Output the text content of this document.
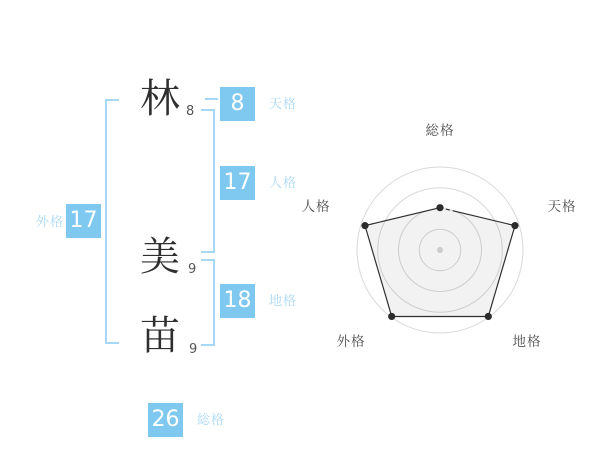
林 8
美 9
苗 9
8	天格
17 人格
18 地格
17
外格
26 総格
総格
天格
地格
外格
人格
